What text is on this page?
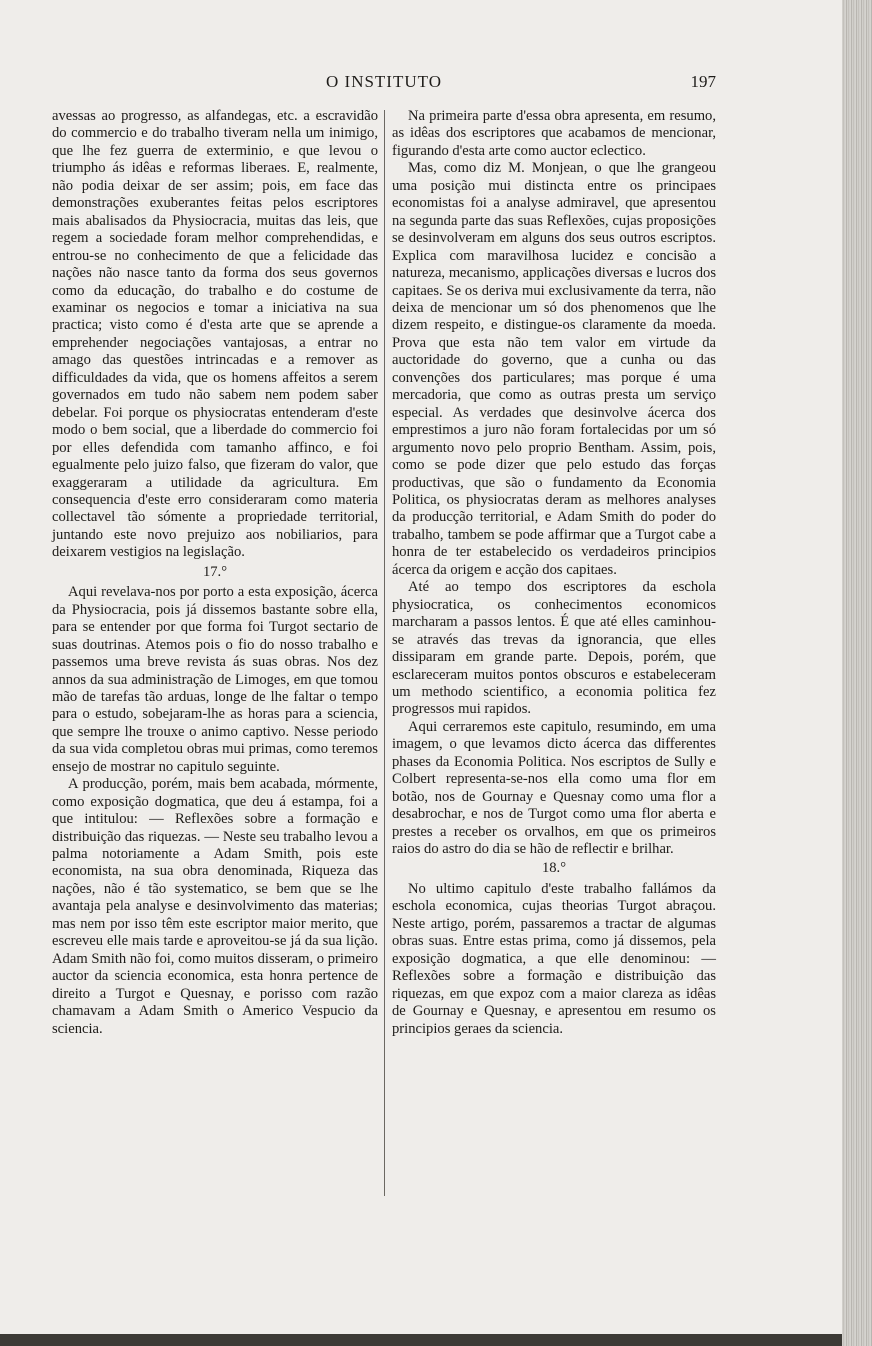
O INSTITUTO	197

avessas ao progresso, as alfandegas, etc. a escravidão do commercio e do trabalho tiveram nella um inimigo, que lhe fez guerra de exterminio, e que levou o triumpho ás idêas e reformas liberaes. E, realmente, não podia deixar de ser assim; pois, em face das demonstrações exuberantes feitas pelos escriptores mais abalisados da Physiocracia, muitas das leis, que regem a sociedade foram melhor comprehendidas, e entrou-se no conhecimento de que a felicidade das nações não nasce tanto da forma dos seus governos como da educação, do trabalho e do costume de examinar os negocios e tomar a iniciativa na sua practica; visto como é d'esta arte que se aprende a emprehender negociações vantajosas, a entrar no amago das questões intrincadas e a remover as difficuldades da vida, que os homens affeitos a serem governados em tudo não sabem nem podem saber debelar. Foi porque os physiocratas entenderam d'este modo o bem social, que a liberdade do commercio foi por elles defendida com tamanho affinco, e foi egualmente pelo juizo falso, que fizeram do valor, que exaggeraram a utilidade da agricultura. Em consequencia d'este erro consideraram como materia collectavel tão sómente a propriedade territorial, juntando este novo prejuizo aos nobiliarios, para deixarem vestigios na legislação.

17.°

Aqui revelava-nos por porto a esta exposição, ácerca da Physiocracia, pois já dissemos bastante sobre ella, para se entender por que forma foi Turgot sectario de suas doutrinas. Atemos pois o fio do nosso trabalho e passemos uma breve revista ás suas obras. Nos dez annos da sua administração de Limoges, em que tomou mão de tarefas tão arduas, longe de lhe faltar o tempo para o estudo, sobejaram-lhe as horas para a sciencia, que sempre lhe trouxe o animo captivo. Nesse periodo da sua vida completou obras mui primas, como teremos ensejo de mostrar no capitulo seguinte.

A producção, porém, mais bem acabada, mórmente, como exposição dogmatica, que deu á estampa, foi a que intitulou: — Reflexões sobre a formação e distribuição das riquezas. — Neste seu trabalho levou a palma notoriamente a Adam Smith, pois este economista, na sua obra denominada, Riqueza das nações, não é tão systematico, se bem que se lhe avantaja pela analyse e desinvolvimento das materias; mas nem por isso têm este escriptor maior merito, que escreveu elle mais tarde e aproveitou-se já da sua lição. Adam Smith não foi, como muitos disseram, o primeiro auctor da sciencia economica, esta honra pertence de direito a Turgot e Quesnay, e porisso com razão chamavam a Adam Smith o Americo Vespucio da sciencia.

Na primeira parte d'essa obra apresenta, em resumo, as idêas dos escriptores que acabamos de mencionar, figurando d'esta arte como auctor eclectico.

Mas, como diz M. Monjean, o que lhe grangeou uma posição mui distincta entre os principaes economistas foi a analyse admiravel, que apresentou na segunda parte das suas Reflexões, cujas proposições se desinvolveram em alguns dos seus outros escriptos. Explica com maravilhosa lucidez e concisão a natureza, mecanismo, applicações diversas e lucros dos capitaes. Se os deriva mui exclusivamente da terra, não deixa de mencionar um só dos phenomenos que lhe dizem respeito, e distingue-os claramente da moeda. Prova que esta não tem valor em virtude da auctoridade do governo, que a cunha ou das convenções dos particulares; mas porque é uma mercadoria, que como as outras presta um serviço especial. As verdades que desinvolve ácerca dos emprestimos a juro não foram fortalecidas por um só argumento novo pelo proprio Bentham. Assim, pois, como se pode dizer que pelo estudo das forças productivas, que são o fundamento da Economia Politica, os physiocratas deram as melhores analyses da producção territorial, e Adam Smith do poder do trabalho, tambem se pode affirmar que a Turgot cabe a honra de ter estabelecido os verdadeiros principios ácerca da origem e acção dos capitaes.

Até ao tempo dos escriptores da eschola physiocratica, os conhecimentos economicos marcharam a passos lentos. É que até elles caminhou-se através das trevas da ignorancia, que elles dissiparam em grande parte. Depois, porém, que esclareceram muitos pontos obscuros e estabeleceram um methodo scientifico, a economia politica fez progressos mui rapidos.

Aqui cerraremos este capitulo, resumindo, em uma imagem, o que levamos dicto ácerca das differentes phases da Economia Politica. Nos escriptos de Sully e Colbert representa-se-nos ella como uma flor em botão, nos de Gournay e Quesnay como uma flor a desabrochar, e nos de Turgot como uma flor aberta e prestes a receber os orvalhos, em que os primeiros raios do astro do dia se hão de reflectir e brilhar.

18.°

No ultimo capitulo d'este trabalho fallámos da eschola economica, cujas theorias Turgot abraçou. Neste artigo, porém, passaremos a tractar de algumas obras suas. Entre estas prima, como já dissemos, pela exposição dogmatica, a que elle denominou: — Reflexões sobre a formação e distribuição das riquezas, em que expoz com a maior clareza as idêas de Gournay e Quesnay, e apresentou em resumo os principios geraes da sciencia.
